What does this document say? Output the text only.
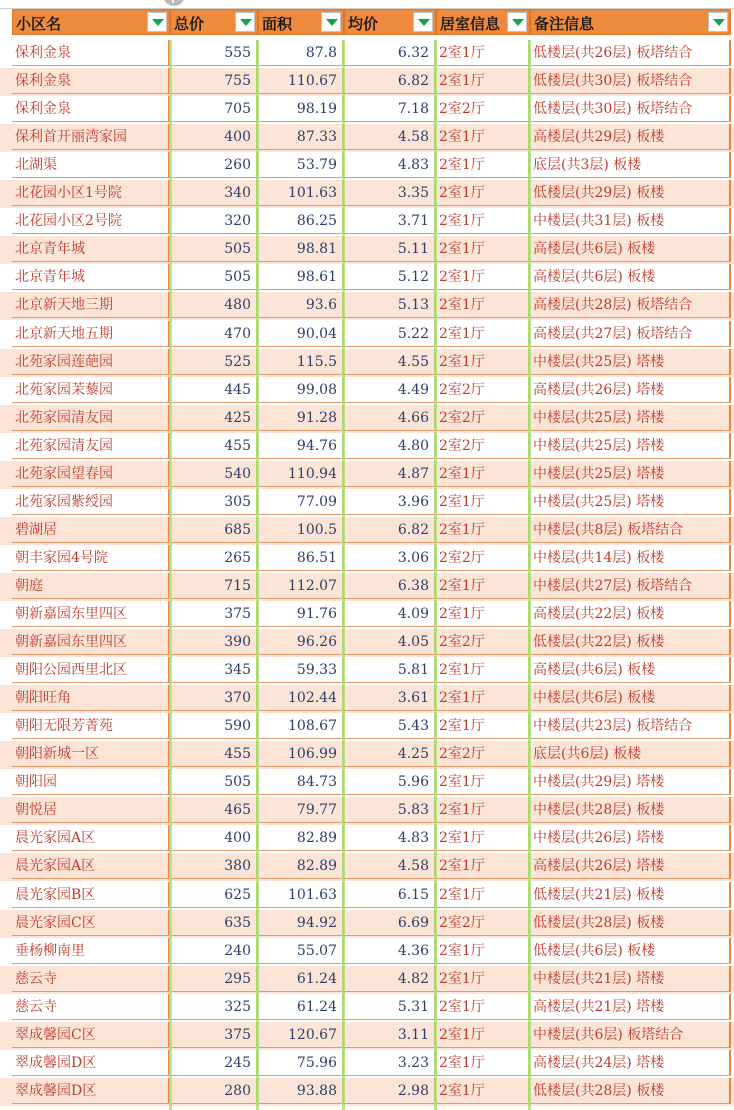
小区名	总价	面积	均价	居室信息 备注信息
保利金泉	555	87.8	6.32 2室1厅	低楼层(共26层) 板塔结合
保利金泉	755	110.67	6.82 2室1厅	低楼层(共30层) 板塔结合
保利金泉	705	98.19	7.18 2室2厅	低楼层(共30层) 板塔结合
保利首开丽湾家园	400	87.33	4.58 2室1厅	高楼层(共29层) 板楼
北湖渠	260	53.79	4.83 2室1厅	底层(共3层) 板楼
北花园小区1号院	340	101.63	3.35 2室1厅	低楼层(共29层) 板楼
北花园小区2号院	320	86.25	3.71 2室1厅	中楼层(共31层) 板楼
北京青年城	505	98.81	5.11 2室1厅	高楼层(共6层) 板楼
北京青年城	505	98.61	5.12 2室1厅	高楼层(共6层) 板楼
北京新天地三期	480	93.6	5.13 2室1厅	高楼层(共28层) 板塔结合
北京新天地五期	470	90.04	5.22 2室1厅	高楼层(共27层) 板塔结合
北苑家园莲葩园	525	115.5	4.55 2室1厅	中楼层(共25层) 塔楼
北苑家园茉藜园	445	99.08	4.49 2室2厅	高楼层(共26层) 塔楼
北苑家园清友园	425	91.28	4.66 2室2厅	中楼层(共25层) 塔楼
北苑家园清友园	455	94.76	4.80 2室2厅	中楼层(共25层) 塔楼
北苑家园望春园	540	110.94	4.87 2室1厅	中楼层(共25层) 塔楼
北苑家园紫绶园	305	77.09	3.96 2室1厅	中楼层(共25层) 塔楼
碧湖居	685	100.5	6.82 2室1厅	中楼层(共8层) 板塔结合
朝丰家园4号院	265	86.51	3.06 2室2厅	中楼层(共14层) 板楼
朝庭	715	112.07	6.38 2室1厅	中楼层(共27层) 板塔结合
朝新嘉园东里四区	375	91.76	4.09 2室1厅	高楼层(共22层) 板楼
朝新嘉园东里四区	390	96.26	4.05 2室2厅	低楼层(共22层) 板楼
朝阳公园西里北区	345	59.33	5.81 2室1厅	高楼层(共6层) 板楼
朝阳旺角	370	102.44	3.61 2室1厅	中楼层(共6层) 板楼
朝阳无限芳菁苑	590	108.67	5.43 2室1厅	中楼层(共23层) 板塔结合
朝阳新城一区	455	106.99	4.25 2室2厅	底层(共6层) 板楼
朝阳园	505	84.73	5.96 2室1厅	中楼层(共29层) 塔楼
朝悦居	465	79.77	5.83 2室1厅	中楼层(共28层) 板楼
晨光家园A区	400	82.89	4.83 2室1厅	中楼层(共26层) 塔楼
晨光家园A区	380	82.89	4.58 2室1厅	高楼层(共26层) 塔楼
晨光家园B区	625	101.63	6.15 2室1厅	低楼层(共21层) 板楼
晨光家园C区	635	94.92	6.69 2室2厅	低楼层(共28层) 板楼
垂杨柳南里	240	55.07	4.36 2室1厅	低楼层(共6层) 板楼
慈云寺	295	61.24	4.82 2室1厅	中楼层(共21层) 塔楼
慈云寺	325	61.24	5.31 2室1厅	高楼层(共21层) 塔楼
翠成馨园C区	375	120.67	3.11 2室1厅	中楼层(共6层) 板塔结合
翠成馨园D区	245	75.96	3.23 2室1厅	高楼层(共24层) 塔楼
翠成馨园D区	280	93.88	2.98 2室1厅	低楼层(共28层) 板楼
